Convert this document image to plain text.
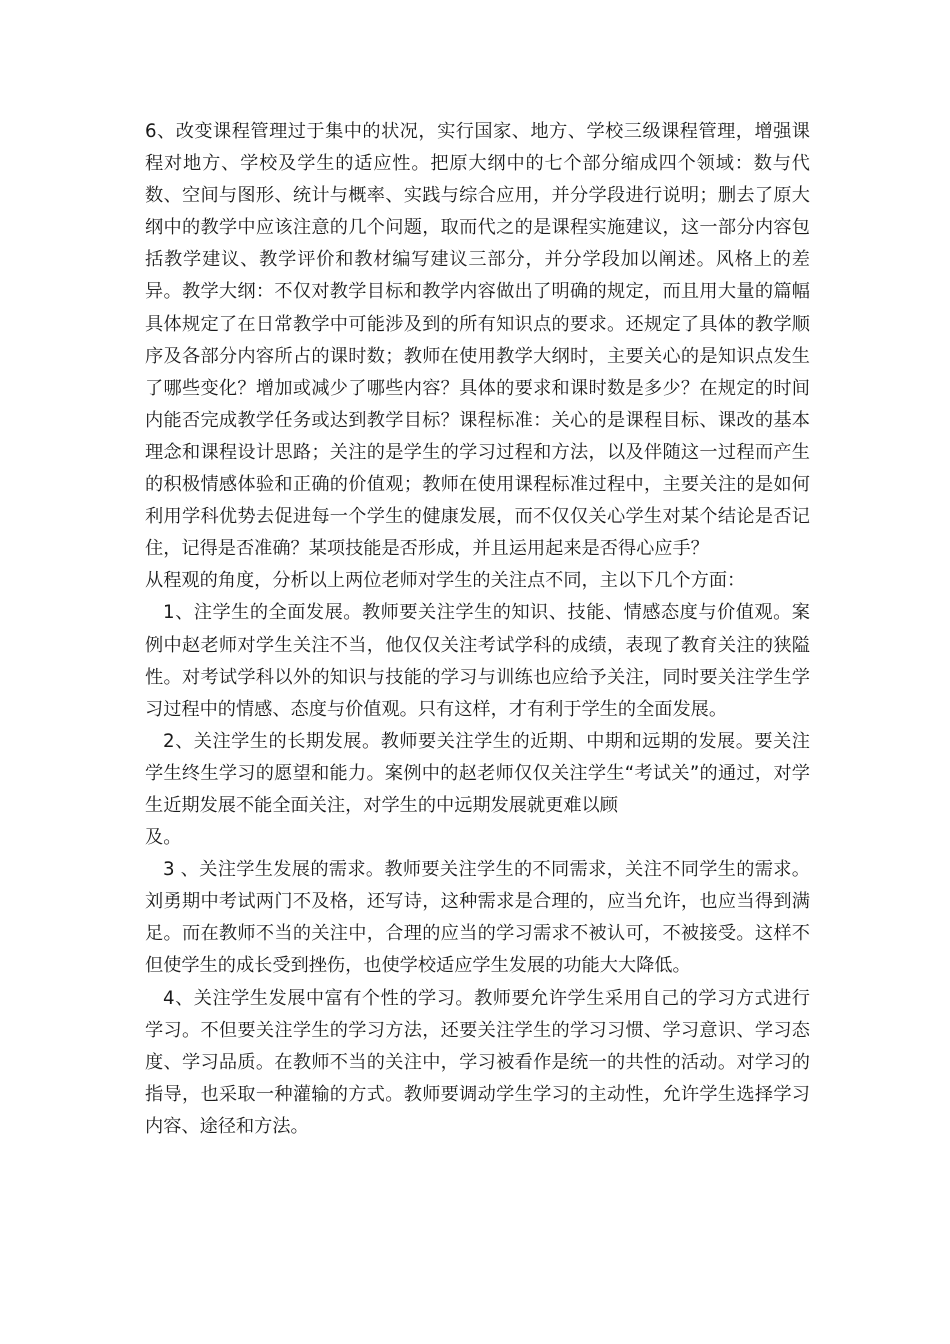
6、改变课程管理过于集中的状况，实行国家、地方、学校三级课程管理，增强课程对地方、学校及学生的适应性。把原大纲中的七个部分缩成四个领域：数与代数、空间与图形、统计与概率、实践与综合应用，并分学段进行说明；删去了原大纲中的教学中应该注意的几个问题，取而代之的是课程实施建议，这一部分内容包括教学建议、教学评价和教材编写建议三部分，并分学段加以阐述。风格上的差异。教学大纲：不仅对教学目标和教学内容做出了明确的规定，而且用大量的篇幅具体规定了在日常教学中可能涉及到的所有知识点的要求。还规定了具体的教学顺序及各部分内容所占的课时数；教师在使用教学大纲时，主要关心的是知识点发生了哪些变化？增加或减少了哪些内容？具体的要求和课时数是多少？在规定的时间内能否完成教学任务或达到教学目标？课程标准：关心的是课程目标、课改的基本理念和课程设计思路；关注的是学生的学习过程和方法，以及伴随这一过程而产生的积极情感体验和正确的价值观；教师在使用课程标准过程中，主要关注的是如何利用学科优势去促进每一个学生的健康发展，而不仅仅关心学生对某个结论是否记住，记得是否准确？某项技能是否形成，并且运用起来是否得心应手？

从程观的角度，分析以上两位老师对学生的关注点不同，主以下几个方面：

1、注学生的全面发展。教师要关注学生的知识、技能、情感态度与价值观。案例中赵老师对学生关注不当，他仅仅关注考试学科的成绩，表现了教育关注的狭隘性。对考试学科以外的知识与技能的学习与训练也应给予关注，同时要关注学生学习过程中的情感、态度与价值观。只有这样，才有利于学生的全面发展。

2、关注学生的长期发展。教师要关注学生的近期、中期和远期的发展。要关注学生终生学习的愿望和能力。案例中的赵老师仅仅关注学生“考试关”的通过，对学生近期发展不能全面关注，对学生的中远期发展就更难以顾

及。

3 、关注学生发展的需求。教师要关注学生的不同需求，关注不同学生的需求。刘勇期中考试两门不及格，还写诗，这种需求是合理的，应当允许，也应当得到满足。而在教师不当的关注中，合理的应当的学习需求不被认可，不被接受。这样不但使学生的成长受到挫伤，也使学校适应学生发展的功能大大降低。

4、关注学生发展中富有个性的学习。教师要允许学生采用自己的学习方式进行学习。不但要关注学生的学习方法，还要关注学生的学习习惯、学习意识、学习态度、学习品质。在教师不当的关注中，学习被看作是统一的共性的活动。对学习的指导，也采取一种灌输的方式。教师要调动学生学习的主动性，允许学生选择学习内容、途径和方法。
